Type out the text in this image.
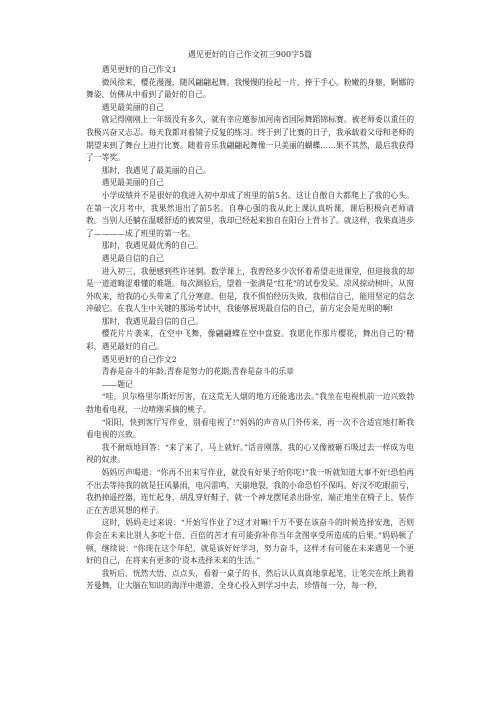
遇见更好的自己作文初三900字5篇

遇见更好的自己作文1

微风徐来，樱花漫漫，随风翩翩起舞。我慢慢的捡起一片，捧于手心。粉嫩的身躯，婀娜的舞姿，仿佛从中看到了最好的自己。

遇见最美丽的自己

就记得刚刚上一年级没有多久，就有幸应邀参加河南省国际舞蹈锦标赛。被老师委以重任的我极兴奋又忐忑。每天我都对着镜子反复的练习。终于到了比赛的日子，我承载着父母和老师的期望来到了舞台上进行比赛。随着音乐我翩翩起舞像一只美丽的蝴蝶……果不其然，最后我获得了一等奖。

那时，我遇见了最美丽的自己。

遇见最美丽的自己

小学成绩并不是很好的我进入初中却成了班里的前5名。这让自傲自大都爬上了我的心头。在第一次月考中，我果然退出了前5名。自尊心强的我从此上课认真听课，课后积极向老师请教。当别人还躺在温暖舒适的被窝里，我却已经起来独自在阳台上背书了。就这样，我果真进步了————成了班里的第一名。

那时，我遇见最优秀的自己。

遇见最自信的自己

进入初三，我便感到些许迷惘。数学课上，我曾经多少次怀着希望走进课堂，但迎接我的却是一道道晦涩难懂的难题。每次测验后，望着一张满是“红花”的试卷发呆。凉风掠动树叶，从窗外吹来，给我的心头带来了几分寒意。但是，我不惧怕经历失败，我相信自己，能用坚定的信念冲破它。在我人生中关键的那场考试中，我能够展现最自信的自己，前方定会是光明的啊!

那时，我遇见最自信的自己。

樱花片片袭来，在空中飞舞，像翩翩蝶在空中盘旋。我愿化作那片樱花，舞出自己的‘精彩，遇见最好的自己。

遇见更好的自己作文2

青春是奋斗的年龄;青春是努力的花期;青春是奋斗的乐章

——题记

“哇，贝尔格里尔斯好厉害，在这荒无人烟的地方还能逃出去。”我坐在电视机前一边兴致勃勃地看电视，一边啃刚采摘的桃子。

“阳阳，快到客厅写作业，别看电视了!”妈妈的声音从门外传来，再一次不合适宜地打断我看电视的兴致。

我不耐烦地回答：“来了来了，马上就好。”话音刚落，我的心又像被砸石吸过去一样成为电视的奴隶。

妈妈厉声喝道：“你再不出来写作业，就没有好果子给你吃!”我一听就知道大事不好!恐怕再不出去等待我的就是狂风暴雨，电闪雷鸣，天崩地裂，我的小命恐怕不保吗。好汉不吃眼前亏，我扔掉遥控器，连忙起身，胡乱穿好鞋子，就一个神龙摆尾杀出卧室，端正地坐在椅子上，装作正在苦思冥想的样子。

这时，妈妈走过来说：“开始写作业了?这才对嘛!千万不要在该奋斗的时候选择安逸，否则你会在未来比别人多吃十倍、百倍的苦才有可能弥补你当年贪图享受所造成的后果。”妈妈顿了顿，继续说：“你现在这个年纪，就是该好好学习，努力奋斗，这样才有可能在未来遇见一个更好的自己，在将来有更多的‘资本选择未来的生活。”

我听后，恍然大悟，点点头，看着一桌子的书，然后认认真真地拿起笔，让笔尖在纸上跳着芳曼舞，让大脑在知识的海洋中遨游，全身心投入到学习中去，珍惜每一分，每一秒，
